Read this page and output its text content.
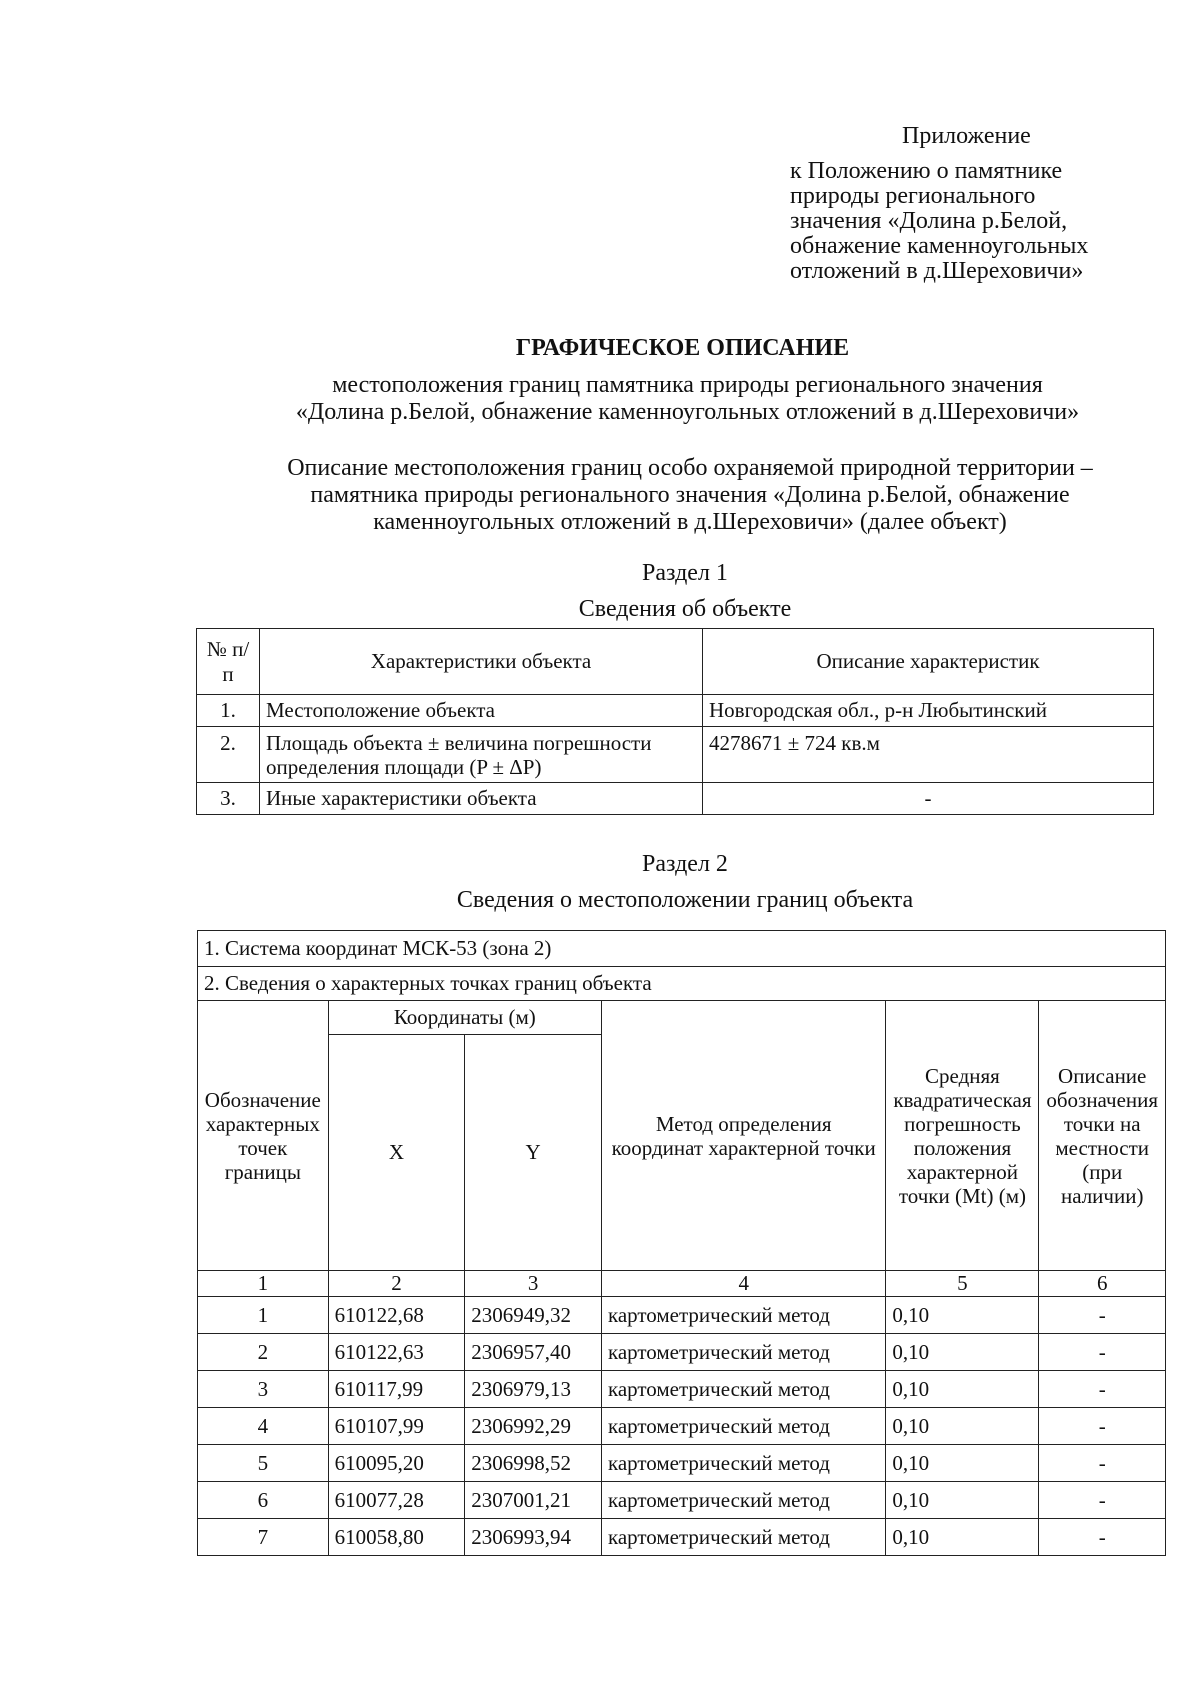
Приложение
к Положению о памятнике
природы регионального
значения «Долина р.Белой,
обнажение каменноугольных
отложений в д.Шереховичи»
ГРАФИЧЕСКОЕ ОПИСАНИЕ
местоположения границ памятника природы регионального значения
«Долина р.Белой, обнажение каменноугольных отложений в д.Шереховичи»
Описание местоположения границ особо охраняемой природной территории –
памятника природы регионального значения «Долина р.Белой, обнажение
каменноугольных отложений в д.Шереховичи» (далее объект)
Раздел 1
Сведения об объекте
№ п/п	Характеристики объекта	Описание характеристик
1.	Местоположение объекта	Новгородская обл., р-н Любытинский
2.	Площадь объекта ± величина погрешности определения площади (P ± ΔP)	4278671 ± 724 кв.м
3.	Иные характеристики объекта	-
Раздел 2
Сведения о местоположении границ объекта
1. Система координат МСК-53 (зона 2)					
2. Сведения о характерных точках границ объекта					
Обозначение характерных точек границы	Координаты (м)		Метод определения координат характерной точки	Средняя квадратическая погрешность положения характерной точки (Mt) (м)	Описание обозначения точки на местности (при наличии)
	X	Y			
1	2	3	4	5	6
1	610122,68	2306949,32	картометрический метод	0,10	-
2	610122,63	2306957,40	картометрический метод	0,10	-
3	610117,99	2306979,13	картометрический метод	0,10	-
4	610107,99	2306992,29	картометрический метод	0,10	-
5	610095,20	2306998,52	картометрический метод	0,10	-
6	610077,28	2307001,21	картометрический метод	0,10	-
7	610058,80	2306993,94	картометрический метод	0,10	-
